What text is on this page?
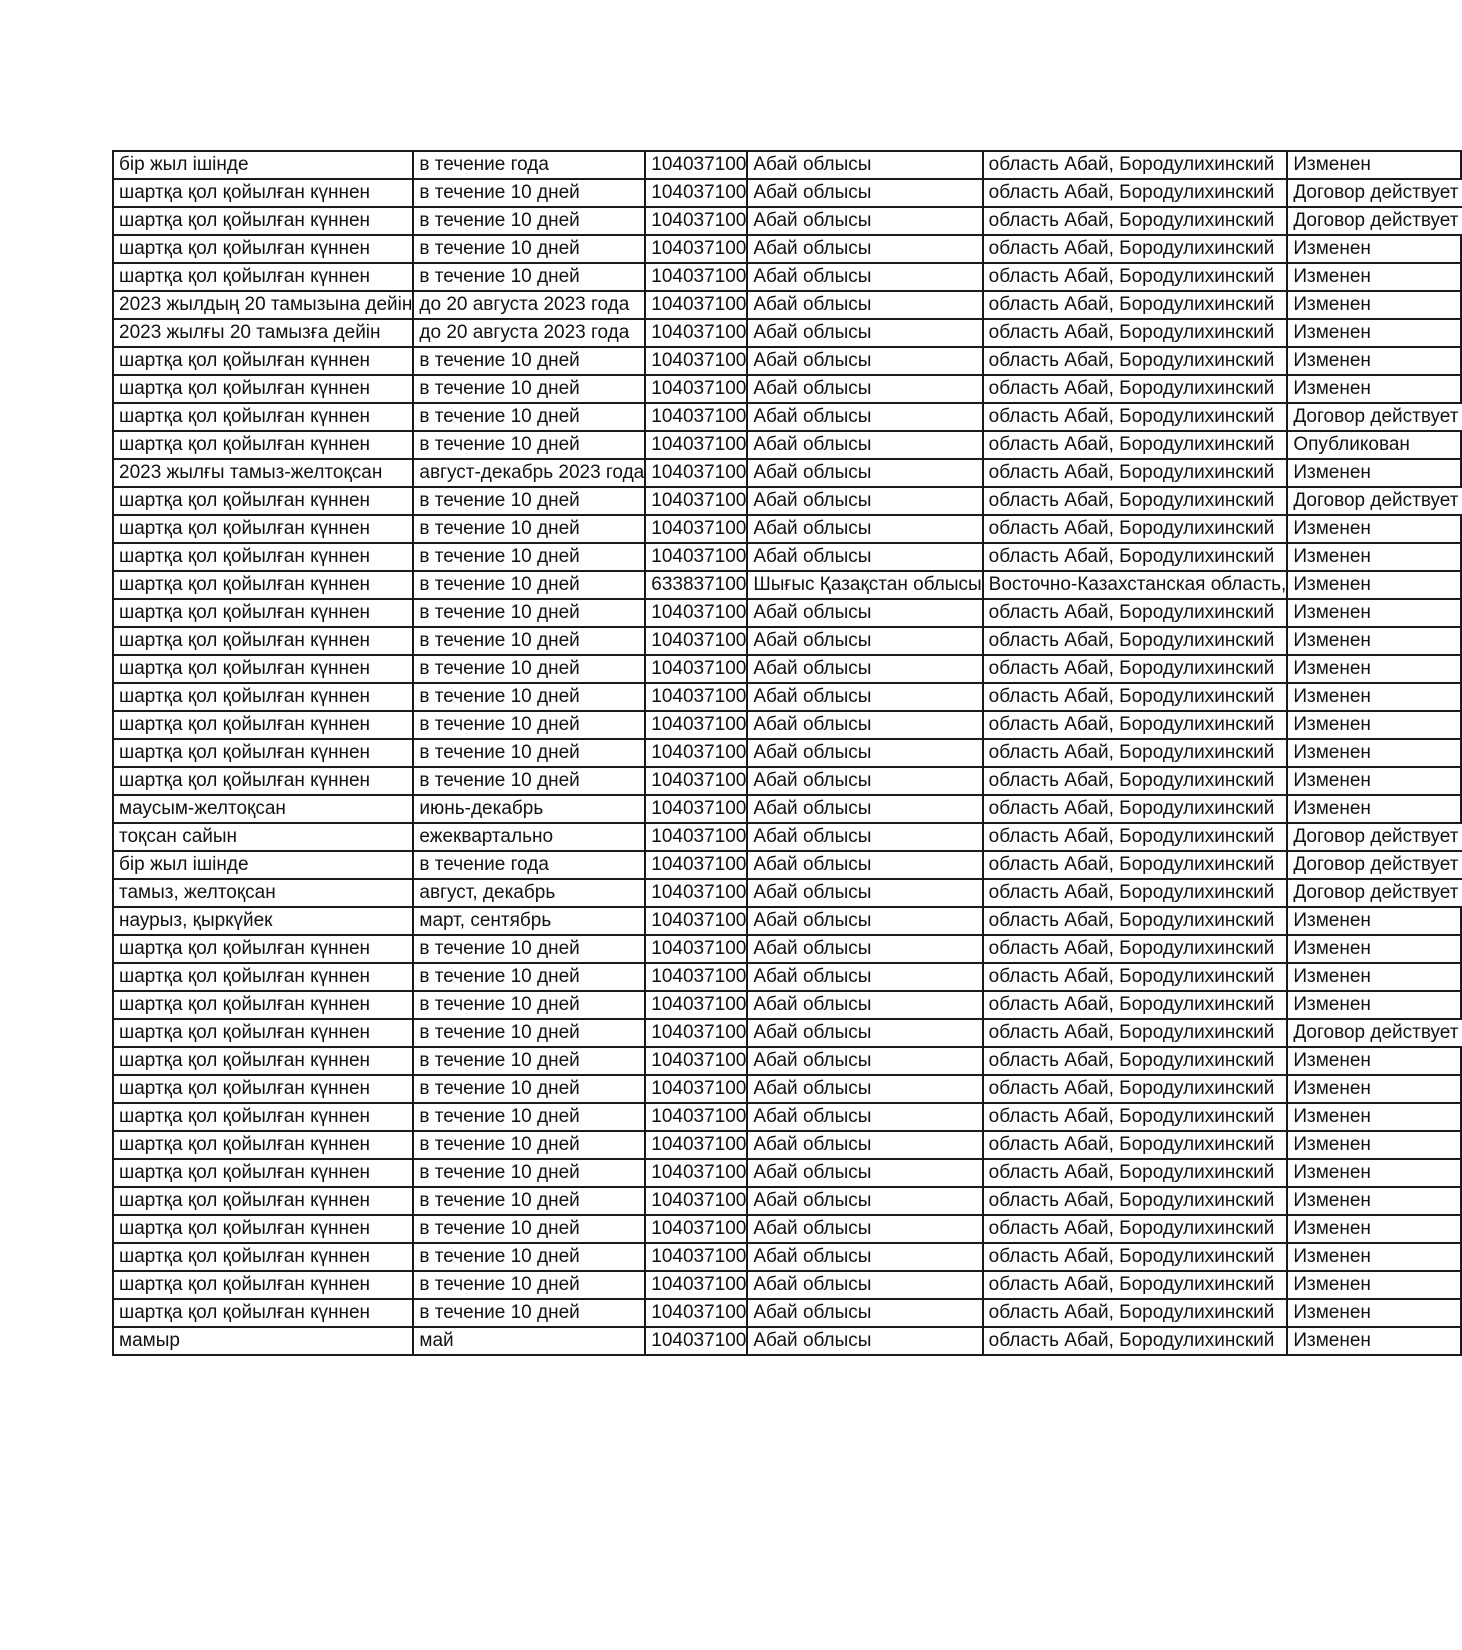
бір жыл ішінде	в течение года	104037100	Абай облысы	область Абай, Бородулихинский	Изменен
шартқа қол қойылған күннен	в течение 10 дней	104037100	Абай облысы	область Абай, Бородулихинский	Договор действует
шартқа қол қойылған күннен	в течение 10 дней	104037100	Абай облысы	область Абай, Бородулихинский	Договор действует
шартқа қол қойылған күннен	в течение 10 дней	104037100	Абай облысы	область Абай, Бородулихинский	Изменен
шартқа қол қойылған күннен	в течение 10 дней	104037100	Абай облысы	область Абай, Бородулихинский	Изменен
2023 жылдың 20 тамызына дейін	до 20 августа 2023 года	104037100	Абай облысы	область Абай, Бородулихинский	Изменен
2023 жылғы 20 тамызға дейін	до 20 августа 2023 года	104037100	Абай облысы	область Абай, Бородулихинский	Изменен
шартқа қол қойылған күннен	в течение 10 дней	104037100	Абай облысы	область Абай, Бородулихинский	Изменен
шартқа қол қойылған күннен	в течение 10 дней	104037100	Абай облысы	область Абай, Бородулихинский	Изменен
шартқа қол қойылған күннен	в течение 10 дней	104037100	Абай облысы	область Абай, Бородулихинский	Договор действует
шартқа қол қойылған күннен	в течение 10 дней	104037100	Абай облысы	область Абай, Бородулихинский	Опубликован
2023 жылғы тамыз-желтоқсан	август-декабрь 2023 года	104037100	Абай облысы	область Абай, Бородулихинский	Изменен
шартқа қол қойылған күннен	в течение 10 дней	104037100	Абай облысы	область Абай, Бородулихинский	Договор действует
шартқа қол қойылған күннен	в течение 10 дней	104037100	Абай облысы	область Абай, Бородулихинский	Изменен
шартқа қол қойылған күннен	в течение 10 дней	104037100	Абай облысы	область Абай, Бородулихинский	Изменен
шартқа қол қойылған күннен	в течение 10 дней	633837100	Шығыс Қазақстан облысы	Восточно-Казахстанская область,	Изменен
шартқа қол қойылған күннен	в течение 10 дней	104037100	Абай облысы	область Абай, Бородулихинский	Изменен
шартқа қол қойылған күннен	в течение 10 дней	104037100	Абай облысы	область Абай, Бородулихинский	Изменен
шартқа қол қойылған күннен	в течение 10 дней	104037100	Абай облысы	область Абай, Бородулихинский	Изменен
шартқа қол қойылған күннен	в течение 10 дней	104037100	Абай облысы	область Абай, Бородулихинский	Изменен
шартқа қол қойылған күннен	в течение 10 дней	104037100	Абай облысы	область Абай, Бородулихинский	Изменен
шартқа қол қойылған күннен	в течение 10 дней	104037100	Абай облысы	область Абай, Бородулихинский	Изменен
шартқа қол қойылған күннен	в течение 10 дней	104037100	Абай облысы	область Абай, Бородулихинский	Изменен
маусым-желтоқсан	июнь-декабрь	104037100	Абай облысы	область Абай, Бородулихинский	Изменен
тоқсан сайын	ежеквартально	104037100	Абай облысы	область Абай, Бородулихинский	Договор действует
бір жыл ішінде	в течение года	104037100	Абай облысы	область Абай, Бородулихинский	Договор действует
тамыз, желтоқсан	август, декабрь	104037100	Абай облысы	область Абай, Бородулихинский	Договор действует
наурыз, қыркүйек	март, сентябрь	104037100	Абай облысы	область Абай, Бородулихинский	Изменен
шартқа қол қойылған күннен	в течение 10 дней	104037100	Абай облысы	область Абай, Бородулихинский	Изменен
шартқа қол қойылған күннен	в течение 10 дней	104037100	Абай облысы	область Абай, Бородулихинский	Изменен
шартқа қол қойылған күннен	в течение 10 дней	104037100	Абай облысы	область Абай, Бородулихинский	Изменен
шартқа қол қойылған күннен	в течение 10 дней	104037100	Абай облысы	область Абай, Бородулихинский	Договор действует
шартқа қол қойылған күннен	в течение 10 дней	104037100	Абай облысы	область Абай, Бородулихинский	Изменен
шартқа қол қойылған күннен	в течение 10 дней	104037100	Абай облысы	область Абай, Бородулихинский	Изменен
шартқа қол қойылған күннен	в течение 10 дней	104037100	Абай облысы	область Абай, Бородулихинский	Изменен
шартқа қол қойылған күннен	в течение 10 дней	104037100	Абай облысы	область Абай, Бородулихинский	Изменен
шартқа қол қойылған күннен	в течение 10 дней	104037100	Абай облысы	область Абай, Бородулихинский	Изменен
шартқа қол қойылған күннен	в течение 10 дней	104037100	Абай облысы	область Абай, Бородулихинский	Изменен
шартқа қол қойылған күннен	в течение 10 дней	104037100	Абай облысы	область Абай, Бородулихинский	Изменен
шартқа қол қойылған күннен	в течение 10 дней	104037100	Абай облысы	область Абай, Бородулихинский	Изменен
шартқа қол қойылған күннен	в течение 10 дней	104037100	Абай облысы	область Абай, Бородулихинский	Изменен
шартқа қол қойылған күннен	в течение 10 дней	104037100	Абай облысы	область Абай, Бородулихинский	Изменен
мамыр	май	104037100	Абай облысы	область Абай, Бородулихинский	Изменен
